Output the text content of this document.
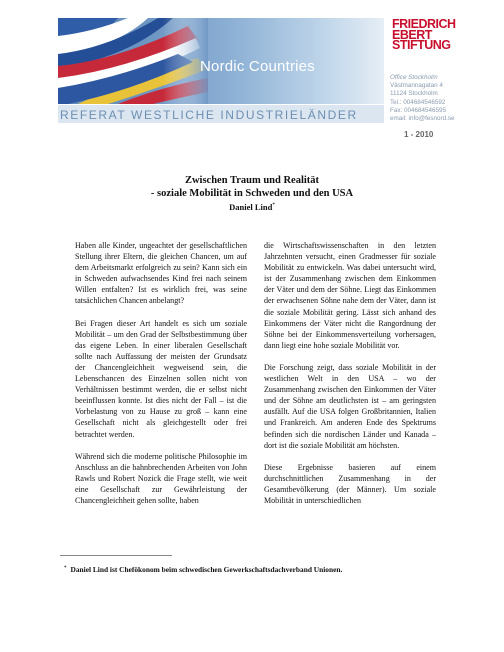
Nordic Countries
FRIEDRICH
EBERT
STIFTUNG
Office Stockholm
Västmannagatan 4
11124 Stockholm
Tel.: 004684546592
Fax: 004684546595
email: info@fesnord.se
REFERAT WESTLICHE INDUSTRIELÄNDER
1 - 2010
Zwischen Traum und Realität
- soziale Mobilität in Schweden und den USA
Daniel Lind*

Haben alle Kinder, ungeachtet der gesellschaftlichen Stellung ihrer Eltern, die gleichen Chancen, um auf dem Arbeitsmarkt erfolgreich zu sein? Kann sich ein in Schweden aufwachsendes Kind frei nach seinem Willen entfalten? Ist es wirklich frei, was seine tatsächlichen Chancen anbelangt?

Bei Fragen dieser Art handelt es sich um soziale Mobilität – um den Grad der Selbstbestimmung über das eigene Leben. In einer liberalen Gesellschaft sollte nach Auffassung der meisten der Grundsatz der Chancengleichheit wegweisend sein, die Lebenschancen des Einzelnen sollen nicht von Verhältnissen bestimmt werden, die er selbst nicht beeinflussen konnte. Ist dies nicht der Fall – ist die Vorbelastung von zu Hause zu groß – kann eine Gesellschaft nicht als gleichgestellt oder frei betrachtet werden.

Während sich die moderne politische Philosophie im Anschluss an die bahnbrechenden Arbeiten von John Rawls und Robert Nozick die Frage stellt, wie weit eine Gesellschaft zur Gewährleistung der Chancengleichheit gehen sollte, haben

die Wirtschaftswissenschaften in den letzten Jahrzehnten versucht, einen Gradmesser für soziale Mobilität zu entwickeln. Was dabei untersucht wird, ist der Zusammenhang zwischen dem Einkommen der Väter und dem der Söhne. Liegt das Einkommen der erwachsenen Söhne nahe dem der Väter, dann ist die soziale Mobilität gering. Lässt sich anhand des Einkommens der Väter nicht die Rangordnung der Söhne bei der Einkommensverteilung vorhersagen, dann liegt eine hohe soziale Mobilität vor.

Die Forschung zeigt, dass soziale Mobilität in der westlichen Welt in den USA – wo der Zusammenhang zwischen den Einkommen der Väter und der Söhne am deutlichsten ist – am geringsten ausfällt. Auf die USA folgen Großbritannien, Italien und Frankreich. Am anderen Ende des Spektrums befinden sich die nordischen Länder und Kanada – dort ist die soziale Mobilität am höchsten.

Diese Ergebnisse basieren auf einem durchschnittlichen Zusammenhang in der Gesamtbevölkerung (der Männer). Um soziale Mobilität in unterschiedlichen

* Daniel Lind ist Chefökonom beim schwedischen Gewerkschaftsdachverband Unionen.
